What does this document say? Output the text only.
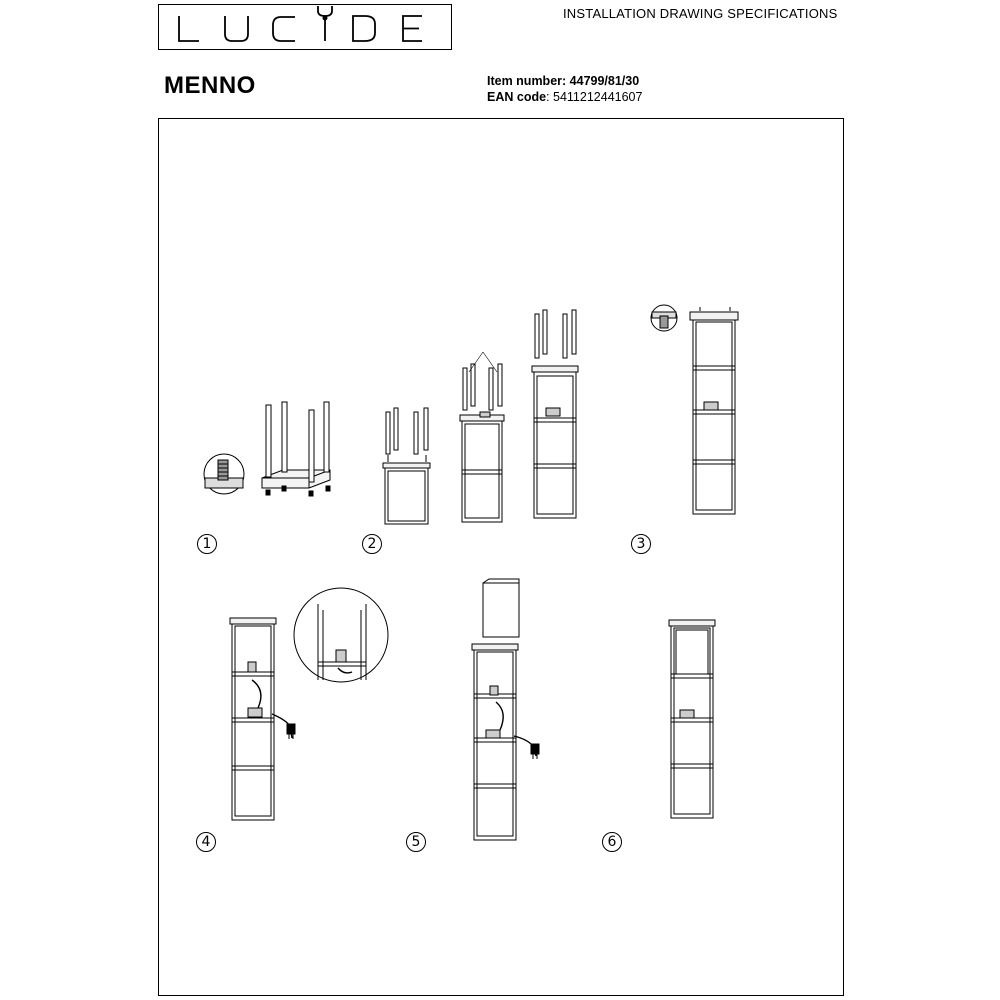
INSTALLATION DRAWING SPECIFICATIONS
MENNO	Item number: 44799/81/30
EAN code: 5411212441607
1	2	3
4	5	6
